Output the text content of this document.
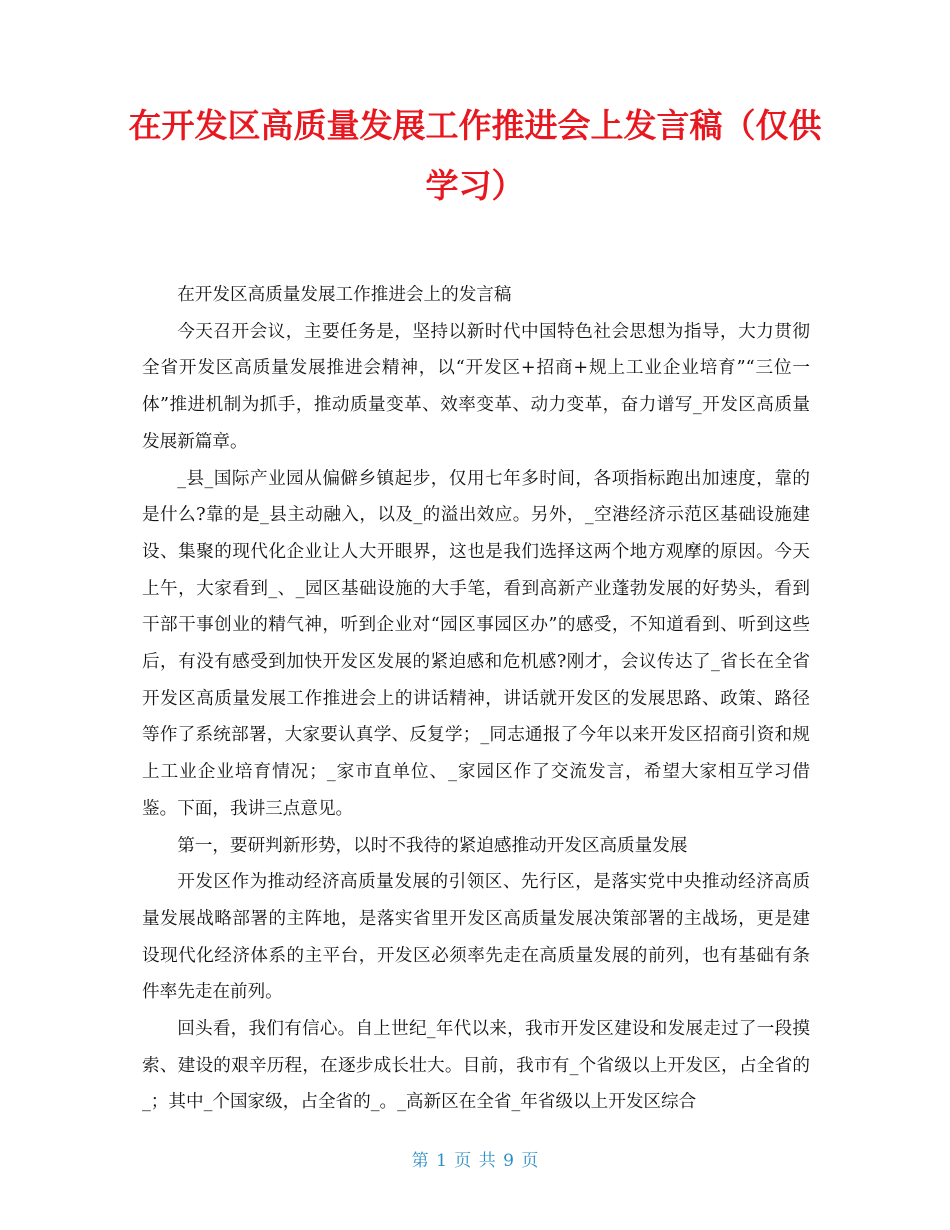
在开发区高质量发展工作推进会上发言稿（仅供学习）

在开发区高质量发展工作推进会上的发言稿

今天召开会议，主要任务是，坚持以新时代中国特色社会思想为指导，大力贯彻全省开发区高质量发展推进会精神，以“开发区+招商+规上工业企业培育”“三位一体”推进机制为抓手，推动质量变革、效率变革、动力变革，奋力谱写_开发区高质量发展新篇章。

_县_国际产业园从偏僻乡镇起步，仅用七年多时间，各项指标跑出加速度，靠的是什么?靠的是_县主动融入，以及_的溢出效应。另外，_空港经济示范区基础设施建设、集聚的现代化企业让人大开眼界，这也是我们选择这两个地方观摩的原因。今天上午，大家看到_、_园区基础设施的大手笔，看到高新产业蓬勃发展的好势头，看到干部干事创业的精气神，听到企业对“园区事园区办”的感受，不知道看到、听到这些后，有没有感受到加快开发区发展的紧迫感和危机感?刚才，会议传达了_省长在全省开发区高质量发展工作推进会上的讲话精神，讲话就开发区的发展思路、政策、路径等作了系统部署，大家要认真学、反复学；_同志通报了今年以来开发区招商引资和规上工业企业培育情况；_家市直单位、_家园区作了交流发言，希望大家相互学习借鉴。下面，我讲三点意见。

第一，要研判新形势，以时不我待的紧迫感推动开发区高质量发展

开发区作为推动经济高质量发展的引领区、先行区，是落实党中央推动经济高质量发展战略部署的主阵地，是落实省里开发区高质量发展决策部署的主战场，更是建设现代化经济体系的主平台，开发区必须率先走在高质量发展的前列，也有基础有条件率先走在前列。

回头看，我们有信心。自上世纪_年代以来，我市开发区建设和发展走过了一段摸索、建设的艰辛历程，在逐步成长壮大。目前，我市有_个省级以上开发区，占全省的_；其中_个国家级，占全省的_。_高新区在全省_年省级以上开发区综合

第 1 页 共 9 页
